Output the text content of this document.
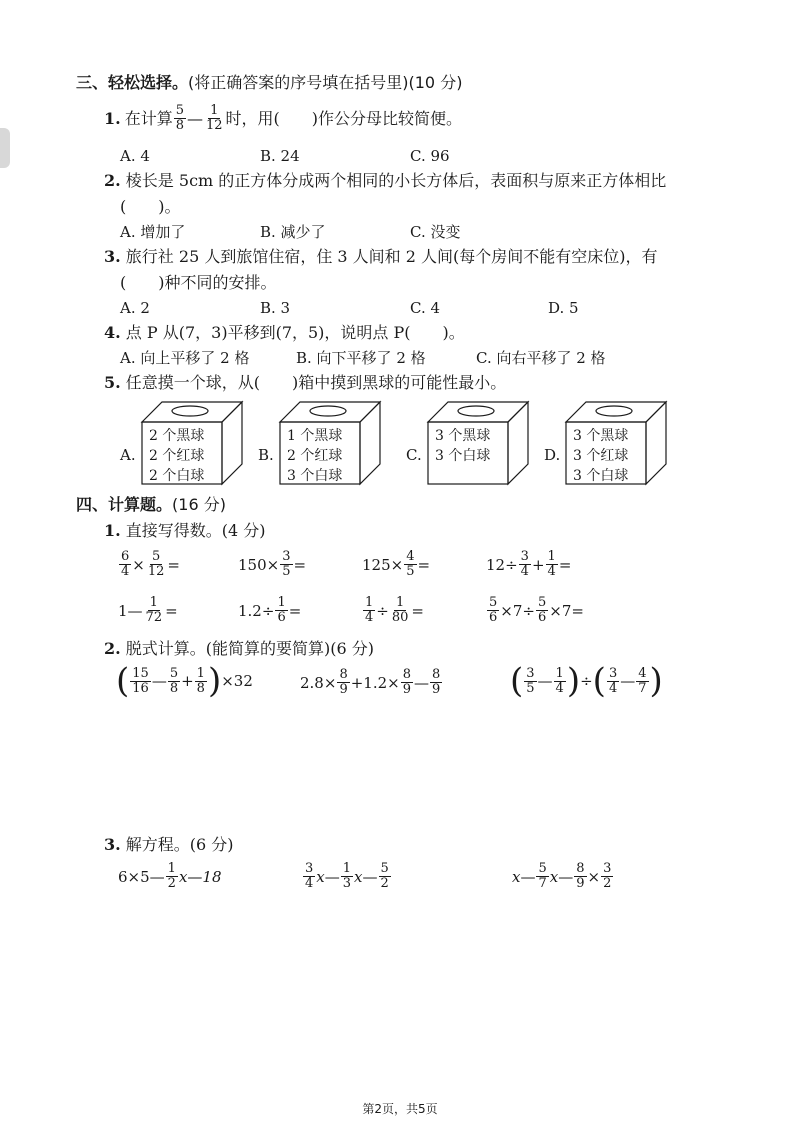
三、轻松选择。(将正确答案的序号填在括号里)(10 分)
1. 在计算 5
8 — 1
12 时，用(　　)作公分母比较简便。
A. 4	B. 24	C. 96
2. 棱长是 5cm 的正方体分成两个相同的小长方体后，表面积与原来正方体相比
(　　)。
A. 增加了	B. 减少了	C. 没变
3. 旅行社 25 人到旅馆住宿，住 3 人间和 2 人间(每个房间不能有空床位)，有
(　　)种不同的安排。
A. 2	B. 3	C. 4	D. 5
4. 点 P 从(7，3)平移到(7，5)，说明点 P(　　)。
A. 向上平移了 2 格	B. 向下平移了 2 格	C. 向右平移了 2 格
5. 任意摸一个球，从(　　)箱中摸到黑球的可能性最小。
A.
2 个黑球
2 个红球
2 个白球
B.
1 个黑球
2 个红球
3 个白球
C.
3 个黑球
3 个白球	D.
3 个黑球
3 个红球
3 个白球
四、计算题。(16 分)
1. 直接写得数。(4 分)
$\frac{6}{4} \times \frac{5}{12}$ =	$150 \times \frac{3}{5}$ =	$125 \times \frac{4}{5}$ =	$12 \div \frac{3}{4} + \frac{1}{4}$ =
1 — $\frac{1}{72}$ =	$1.2 \div \frac{1}{6}$ =	$\frac{1}{4} \div \frac{1}{80}$ =	$\frac{5}{6} \times 7 \div \frac{5}{6} \times 7$ =
2. 脱式计算。(能简算的要简算)(6 分)
( 15
16 — 5
$8 + \frac{1}{8}$ ) × 32	$2.8 \times \frac{8}{9} + 1.2 \times \frac{8}{9}$ — 8
9 ( 3
5 — 1
4 ) ÷ ( 3
4 — 4
7 )
3. 解方程。(6 分)
6×5— 1
2 x—18	3
4 x — 1
3 x — 5
2	x — 5
7 x — $\frac{8}{9} \times \frac{3}{2}$
第2页，共5页
